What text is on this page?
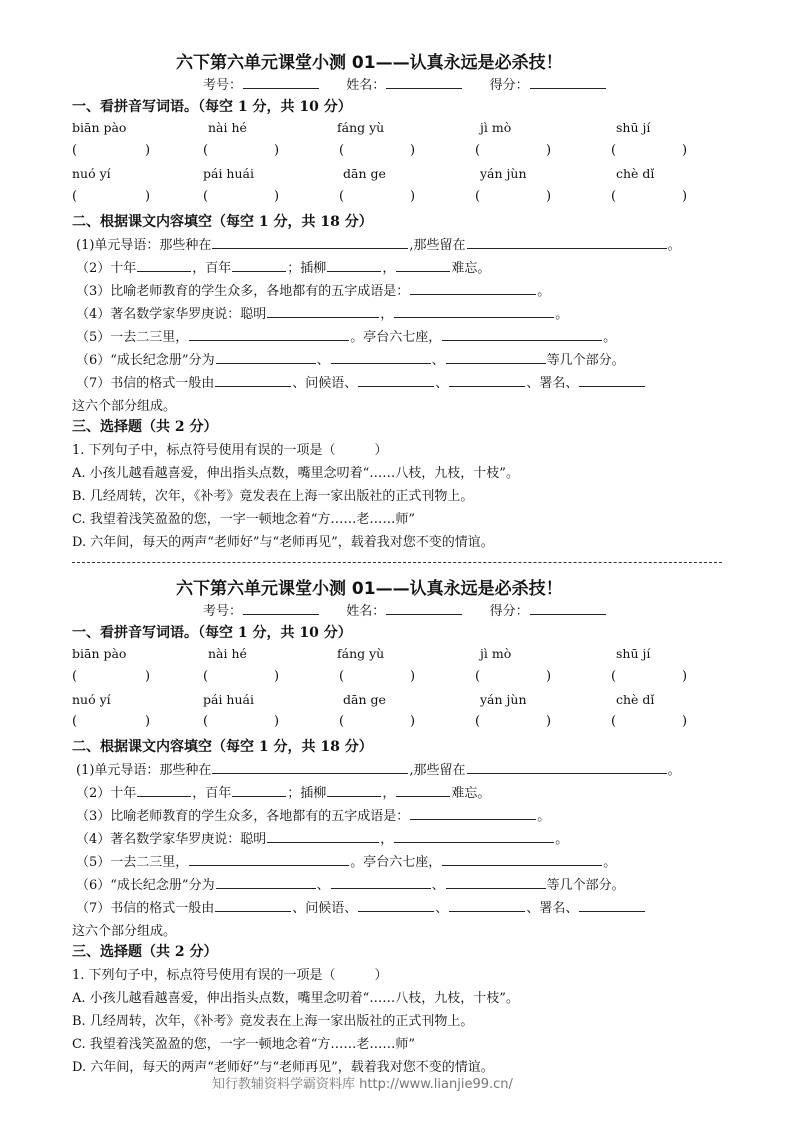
六下第六单元课堂小测 01——认真永远是必杀技！
考号：	姓名：	得分：
一、看拼音写词语。（每空 1 分，共 10 分）
biān pào	nài hé	fáng yù	jì mò	shū jí
(	)	(	)	(	)	(	)	(	)
nuó yí	pái huái	dān ge	yán jùn	chè dǐ
(	)	(	)	(	)	(	)	(	)
二、根据课文内容填空（每空 1 分，共 18 分）
(1)单元导语：那些种在	,那些留在	。
（2）十年	，百年	；插柳	，	难忘。
（3）比喻老师教育的学生众多，各地都有的五字成语是：	。
（4）著名数学家华罗庚说：聪明	，	。
（5）一去二三里，	。亭台六七座，	。
（6）“成长纪念册”分为	、	、	等几个部分。
（7）书信的格式一般由	、问候语、	、	、署名、
这六个部分组成。
三、选择题（共 2 分）
1. 下列句子中，标点符号使用有误的一项是（　　　）
A. 小孩儿越看越喜爱，伸出指头点数，嘴里念叨着“……八枝，九枝，十枝”。
B. 几经周转，次年，《补考》竟发表在上海一家出版社的正式刊物上。
C. 我望着浅笑盈盈的您，一字一顿地念着“方……老……师”
D. 六年间，每天的两声“老师好”与“老师再见”，载着我对您不变的情谊。
六下第六单元课堂小测 01——认真永远是必杀技！
考号：	姓名：	得分：
一、看拼音写词语。（每空 1 分，共 10 分）
biān pào	nài hé	fáng yù	jì mò	shū jí
(	)	(	)	(	)	(	)	(	)
nuó yí	pái huái	dān ge	yán jùn	chè dǐ
(	)	(	)	(	)	(	)	(	)
二、根据课文内容填空（每空 1 分，共 18 分）
(1)单元导语：那些种在	,那些留在	。
（2）十年	，百年	；插柳	，	难忘。
（3）比喻老师教育的学生众多，各地都有的五字成语是：	。
（4）著名数学家华罗庚说：聪明	，	。
（5）一去二三里，	。亭台六七座，	。
（6）“成长纪念册”分为	、	、	等几个部分。
（7）书信的格式一般由	、问候语、	、	、署名、
这六个部分组成。
三、选择题（共 2 分）
1. 下列句子中，标点符号使用有误的一项是（　　　）
A. 小孩儿越看越喜爱，伸出指头点数，嘴里念叨着“……八枝，九枝，十枝”。
B. 几经周转，次年，《补考》竟发表在上海一家出版社的正式刊物上。
C. 我望着浅笑盈盈的您，一字一顿地念着“方……老……师”
D. 六年间，每天的两声“老师好”与“老师再见”，载着我对您不变的情谊。
知行教辅资料学霸资料库 http://www.lianjie99.cn/
